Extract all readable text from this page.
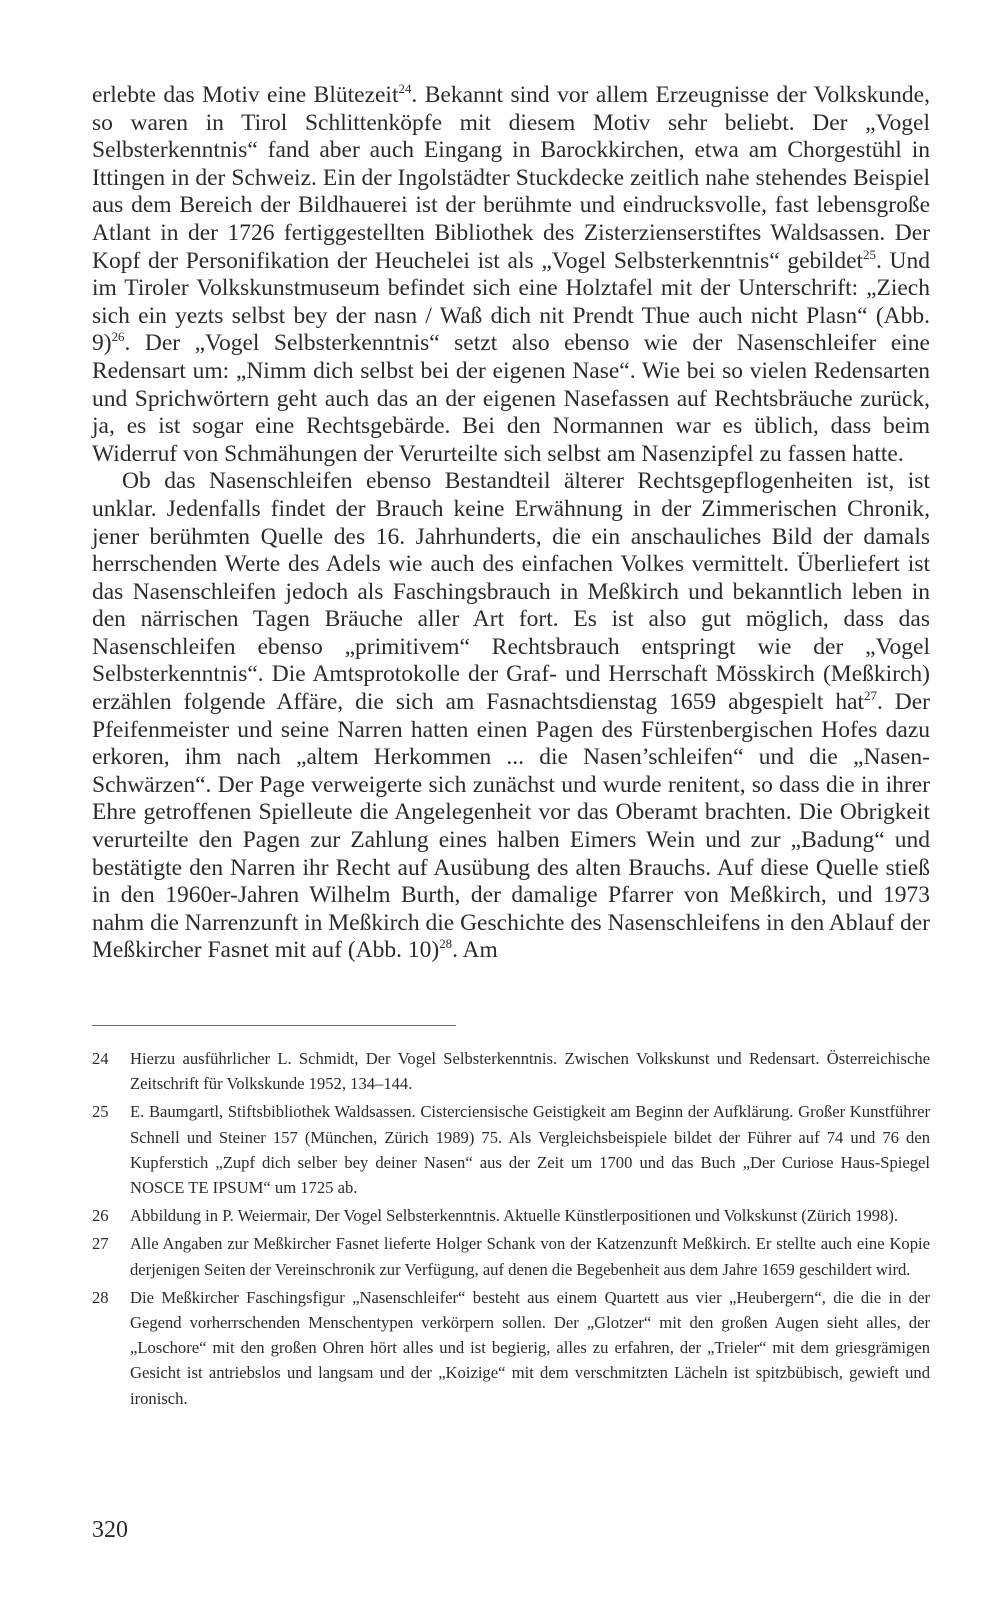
erlebte das Motiv eine Blütezeit$^{24}$. Bekannt sind vor allem Erzeugnisse der Volkskunde, so waren in Tirol Schlittenköpfe mit diesem Motiv sehr beliebt. Der „Vogel Selbsterkenntnis“ fand aber auch Eingang in Barockkirchen, etwa am Chorgestühl in Ittingen in der Schweiz. Ein der Ingolstädter Stuckdecke zeitlich nahe stehendes Beispiel aus dem Bereich der Bildhauerei ist der berühmte und eindrucksvolle, fast lebensgroße Atlant in der 1726 fertiggestellten Bibliothek des Zisterzienserstiftes Waldsassen. Der Kopf der Personifikation der Heuchelei ist als „Vogel Selbsterkenntnis“ gebildet$^{25}$. Und im Tiroler Volkskunstmuseum befindet sich eine Holztafel mit der Unterschrift: „Ziech sich ein yezts selbst bey der nasn / Waß dich nit Prendt Thue auch nicht Plasn“ (Abb. 9)$^{26}$. Der „Vogel Selbsterkenntnis“ setzt also ebenso wie der Nasenschleifer eine Redensart um: „Nimm dich selbst bei der eigenen Nase“. Wie bei so vielen Redensarten und Sprichwörtern geht auch das an der eigenen Nasefassen auf Rechtsbräuche zurück, ja, es ist sogar eine Rechtsgebärde. Bei den Normannen war es üblich, dass beim Widerruf von Schmähungen der Verurteilte sich selbst am Nasenzipfel zu fassen hatte.

Ob das Nasenschleifen ebenso Bestandteil älterer Rechtsgepflogenheiten ist, ist unklar. Jedenfalls findet der Brauch keine Erwähnung in der Zimmerischen Chronik, jener berühmten Quelle des 16. Jahrhunderts, die ein anschauliches Bild der damals herrschenden Werte des Adels wie auch des einfachen Volkes vermittelt. Überliefert ist das Nasenschleifen jedoch als Faschingsbrauch in Meßkirch und bekanntlich leben in den närrischen Tagen Bräuche aller Art fort. Es ist also gut möglich, dass das Nasenschleifen ebenso „primitivem“ Rechtsbrauch entspringt wie der „Vogel Selbsterkenntnis“. Die Amtsprotokolle der Graf- und Herrschaft Mösskirch (Meßkirch) erzählen folgende Affäre, die sich am Fasnachtsdienstag 1659 abgespielt hat$^{27}$. Der Pfeifenmeister und seine Narren hatten einen Pagen des Fürstenbergischen Hofes dazu erkoren, ihm nach „altem Herkommen ... die Nasen’schleifen“ und die „Nasen-Schwärzen“. Der Page verweigerte sich zunächst und wurde renitent, so dass die in ihrer Ehre getroffenen Spielleute die Angelegenheit vor das Oberamt brachten. Die Obrigkeit verurteilte den Pagen zur Zahlung eines halben Eimers Wein und zur „Badung“ und bestätigte den Narren ihr Recht auf Ausübung des alten Brauchs. Auf diese Quelle stieß in den 1960er-Jahren Wilhelm Burth, der damalige Pfarrer von Meßkirch, und 1973 nahm die Narrenzunft in Meßkirch die Geschichte des Nasenschleifens in den Ablauf der Meßkircher Fasnet mit auf (Abb. 10)$^{28}$. Am

24	Hierzu ausführlicher L. Schmidt, Der Vogel Selbsterkenntnis. Zwischen Volkskunst und Redensart. Österreichische Zeitschrift für Volkskunde 1952, 134–144.
25	E. Baumgartl, Stiftsbibliothek Waldsassen. Cisterciensische Geistigkeit am Beginn der Aufklärung. Großer Kunstführer Schnell und Steiner 157 (München, Zürich 1989) 75. Als Vergleichsbeispiele bildet der Führer auf 74 und 76 den Kupferstich „Zupf dich selber bey deiner Nasen“ aus der Zeit um 1700 und das Buch „Der Curiose Haus-Spiegel NOSCE TE IPSUM“ um 1725 ab.
26	Abbildung in P. Weiermair, Der Vogel Selbsterkenntnis. Aktuelle Künstlerpositionen und Volkskunst (Zürich 1998).
27	Alle Angaben zur Meßkircher Fasnet lieferte Holger Schank von der Katzenzunft Meßkirch. Er stellte auch eine Kopie derjenigen Seiten der Vereinschronik zur Verfügung, auf denen die Begebenheit aus dem Jahre 1659 geschildert wird.
28	Die Meßkircher Faschingsfigur „Nasenschleifer“ besteht aus einem Quartett aus vier „Heubergern“, die die in der Gegend vorherrschenden Menschentypen verkörpern sollen. Der „Glotzer“ mit den großen Augen sieht alles, der „Loschore“ mit den großen Ohren hört alles und ist begierig, alles zu erfahren, der „Trieler“ mit dem griesgrämigen Gesicht ist antriebslos und langsam und der „Koizige“ mit dem verschmitzten Lächeln ist spitzbübisch, gewieft und ironisch.
320
